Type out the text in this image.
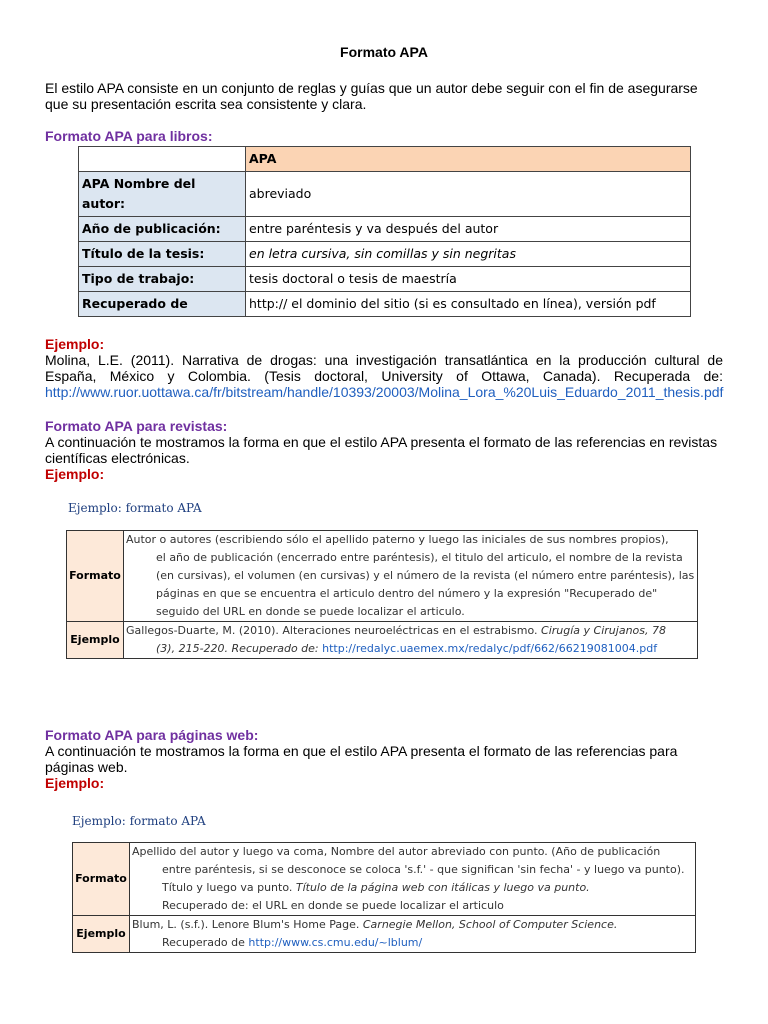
Formato APA
El estilo APA consiste en un conjunto de reglas y guías que un autor debe seguir con el fin de asegurarse que su presentación escrita sea consistente y clara.
Formato APA para libros:
	APA
APA Nombre del autor:	abreviado
Año de publicación:	entre paréntesis y va después del autor
Título de la tesis:	en letra cursiva, sin comillas y sin negritas
Tipo de trabajo:	tesis doctoral o tesis de maestría
Recuperado de	http:// el dominio del sitio (si es consultado en línea), versión pdf
Ejemplo:
Molina, L.E. (2011). Narrativa de drogas: una investigación transatlántica en la producción cultural de España, México y Colombia. (Tesis doctoral, University of Ottawa, Canada). Recuperada de: http://www.ruor.uottawa.ca/fr/bitstream/handle/10393/20003/Molina_Lora_%20Luis_Eduardo_2011_thesis.pdf
Formato APA para revistas:
A continuación te mostramos la forma en que el estilo APA presenta el formato de las referencias en revistas científicas electrónicas.
Ejemplo:
Ejemplo: formato APA
Formato	Autor o autores (escribiendo sólo el apellido paterno y luego las iniciales de sus nombres propios),
el año de publicación (encerrado entre paréntesis), el titulo del articulo, el nombre de la revista (en cursivas), el volumen (en cursivas) y el número de la revista (el número entre paréntesis), las páginas en que se encuentra el articulo dentro del número y la expresión "Recuperado de" seguido del URL en donde se puede localizar el articulo.

Ejemplo	Gallegos-Duarte, M. (2010). Alteraciones neuroeléctricas en el estrabismo. Cirugía y Cirujanos, 78
(3), 215-220. Recuperado de: http://redalyc.uaemex.mx/redalyc/pdf/662/66219081004.pdf
Formato APA para páginas web:
A continuación te mostramos la forma en que el estilo APA presenta el formato de las referencias para páginas web.
Ejemplo:
Ejemplo: formato APA
Formato	Apellido del autor y luego va coma, Nombre del autor abreviado con punto. (Año de publicación
entre paréntesis, si se desconoce se coloca 's.f.' - que significan 'sin fecha' - y luego va punto). Título y luego va punto. Título de la página web con itálicas y luego va punto.
Recuperado de: el URL en donde se puede localizar el articulo

Ejemplo	Blum, L. (s.f.). Lenore Blum's Home Page. Carnegie Mellon, School of Computer Science.
Recuperado de http://www.cs.cmu.edu/~lblum/
